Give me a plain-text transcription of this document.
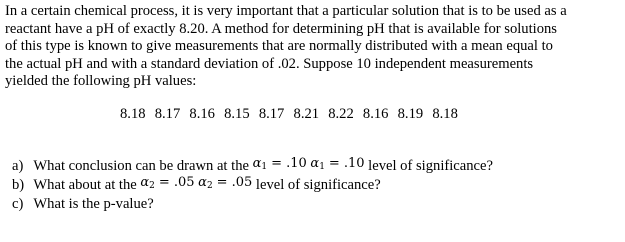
In a certain chemical process, it is very important that a particular solution that is to be used as a
reactant have a pH of exactly 8.20. A method for determining pH that is available for solutions
of this type is known to give measurements that are normally distributed with a mean equal to
the actual pH and with a standard deviation of .02. Suppose 10 independent measurements
yielded the following pH values:

8.18 8.17 8.16 8.15 8.17 8.21 8.22 8.16 8.19 8.18
a) What conclusion can be drawn at the $\alpha_1 = .10$ $\alpha_1 = .10$ level of significance?
b) What about at the $\alpha_2 = .05$ $\alpha_2 = .05$ level of significance?
c) What is the p-value?
